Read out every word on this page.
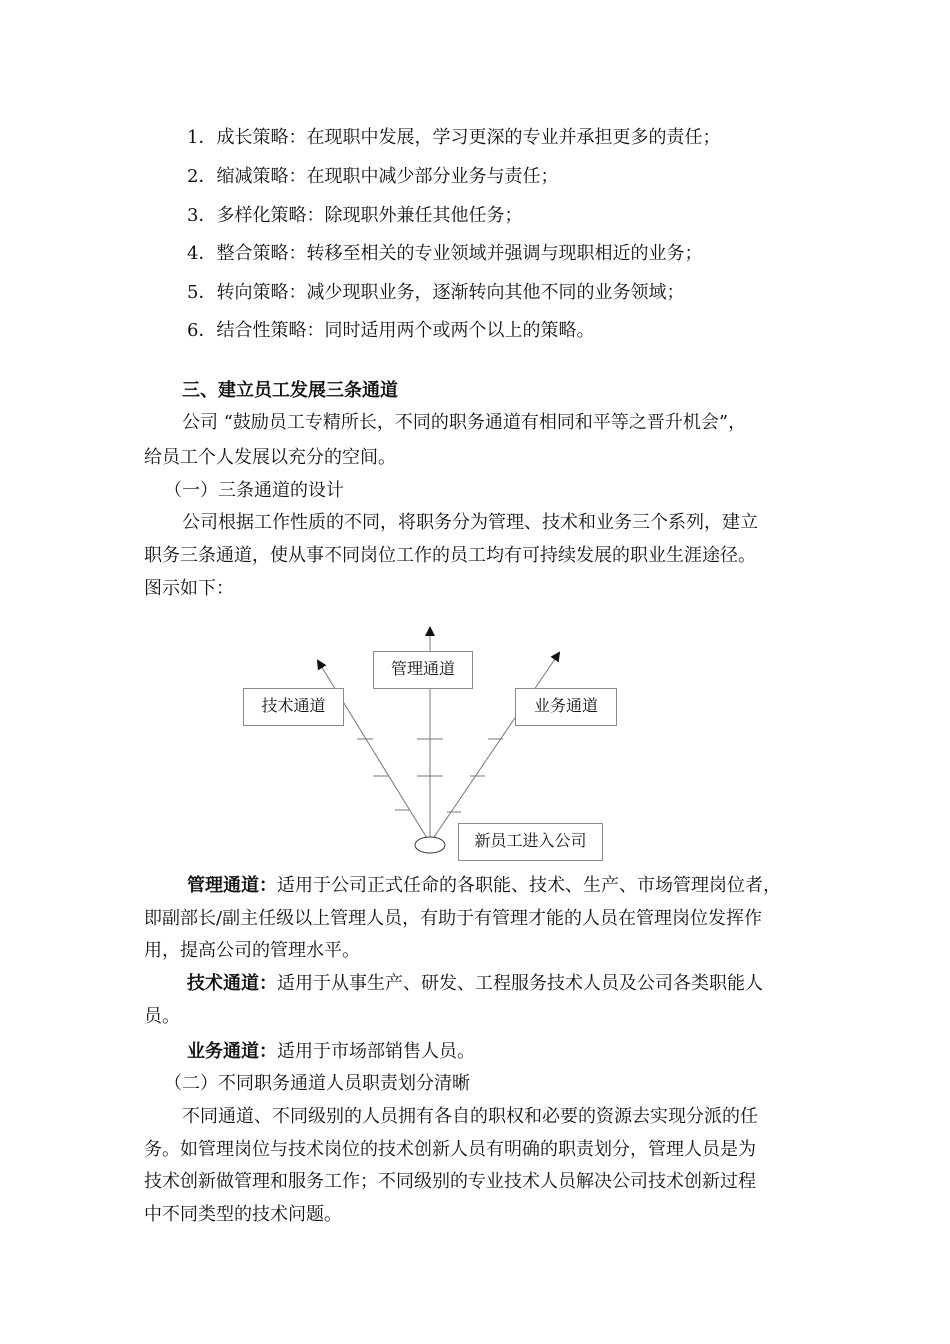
1．成长策略：在现职中发展，学习更深的专业并承担更多的责任；
2．缩减策略：在现职中减少部分业务与责任；
3．多样化策略：除现职外兼任其他任务；
4．整合策略：转移至相关的专业领域并强调与现职相近的业务；
5．转向策略：减少现职业务，逐渐转向其他不同的业务领域；
6．结合性策略：同时适用两个或两个以上的策略。
三、建立员工发展三条通道
公司 “鼓励员工专精所长，不同的职务通道有相同和平等之晋升机会”，
给员工个人发展以充分的空间。
（一）三条通道的设计
公司根据工作性质的不同，将职务分为管理、技术和业务三个系列，建立
职务三条通道，使从事不同岗位工作的员工均有可持续发展的职业生涯途径。
图示如下：
管理通道
技术通道	业务通道
新员工进入公司
管理通道：适用于公司正式任命的各职能、技术、生产、市场管理岗位者，
即副部长/副主任级以上管理人员，有助于有管理才能的人员在管理岗位发挥作
用，提高公司的管理水平。
技术通道：适用于从事生产、研发、工程服务技术人员及公司各类职能人
员。
业务通道：适用于市场部销售人员。
（二）不同职务通道人员职责划分清晰
不同通道、不同级别的人员拥有各自的职权和必要的资源去实现分派的任
务。如管理岗位与技术岗位的技术创新人员有明确的职责划分，管理人员是为
技术创新做管理和服务工作；不同级别的专业技术人员解决公司技术创新过程
中不同类型的技术问题。
